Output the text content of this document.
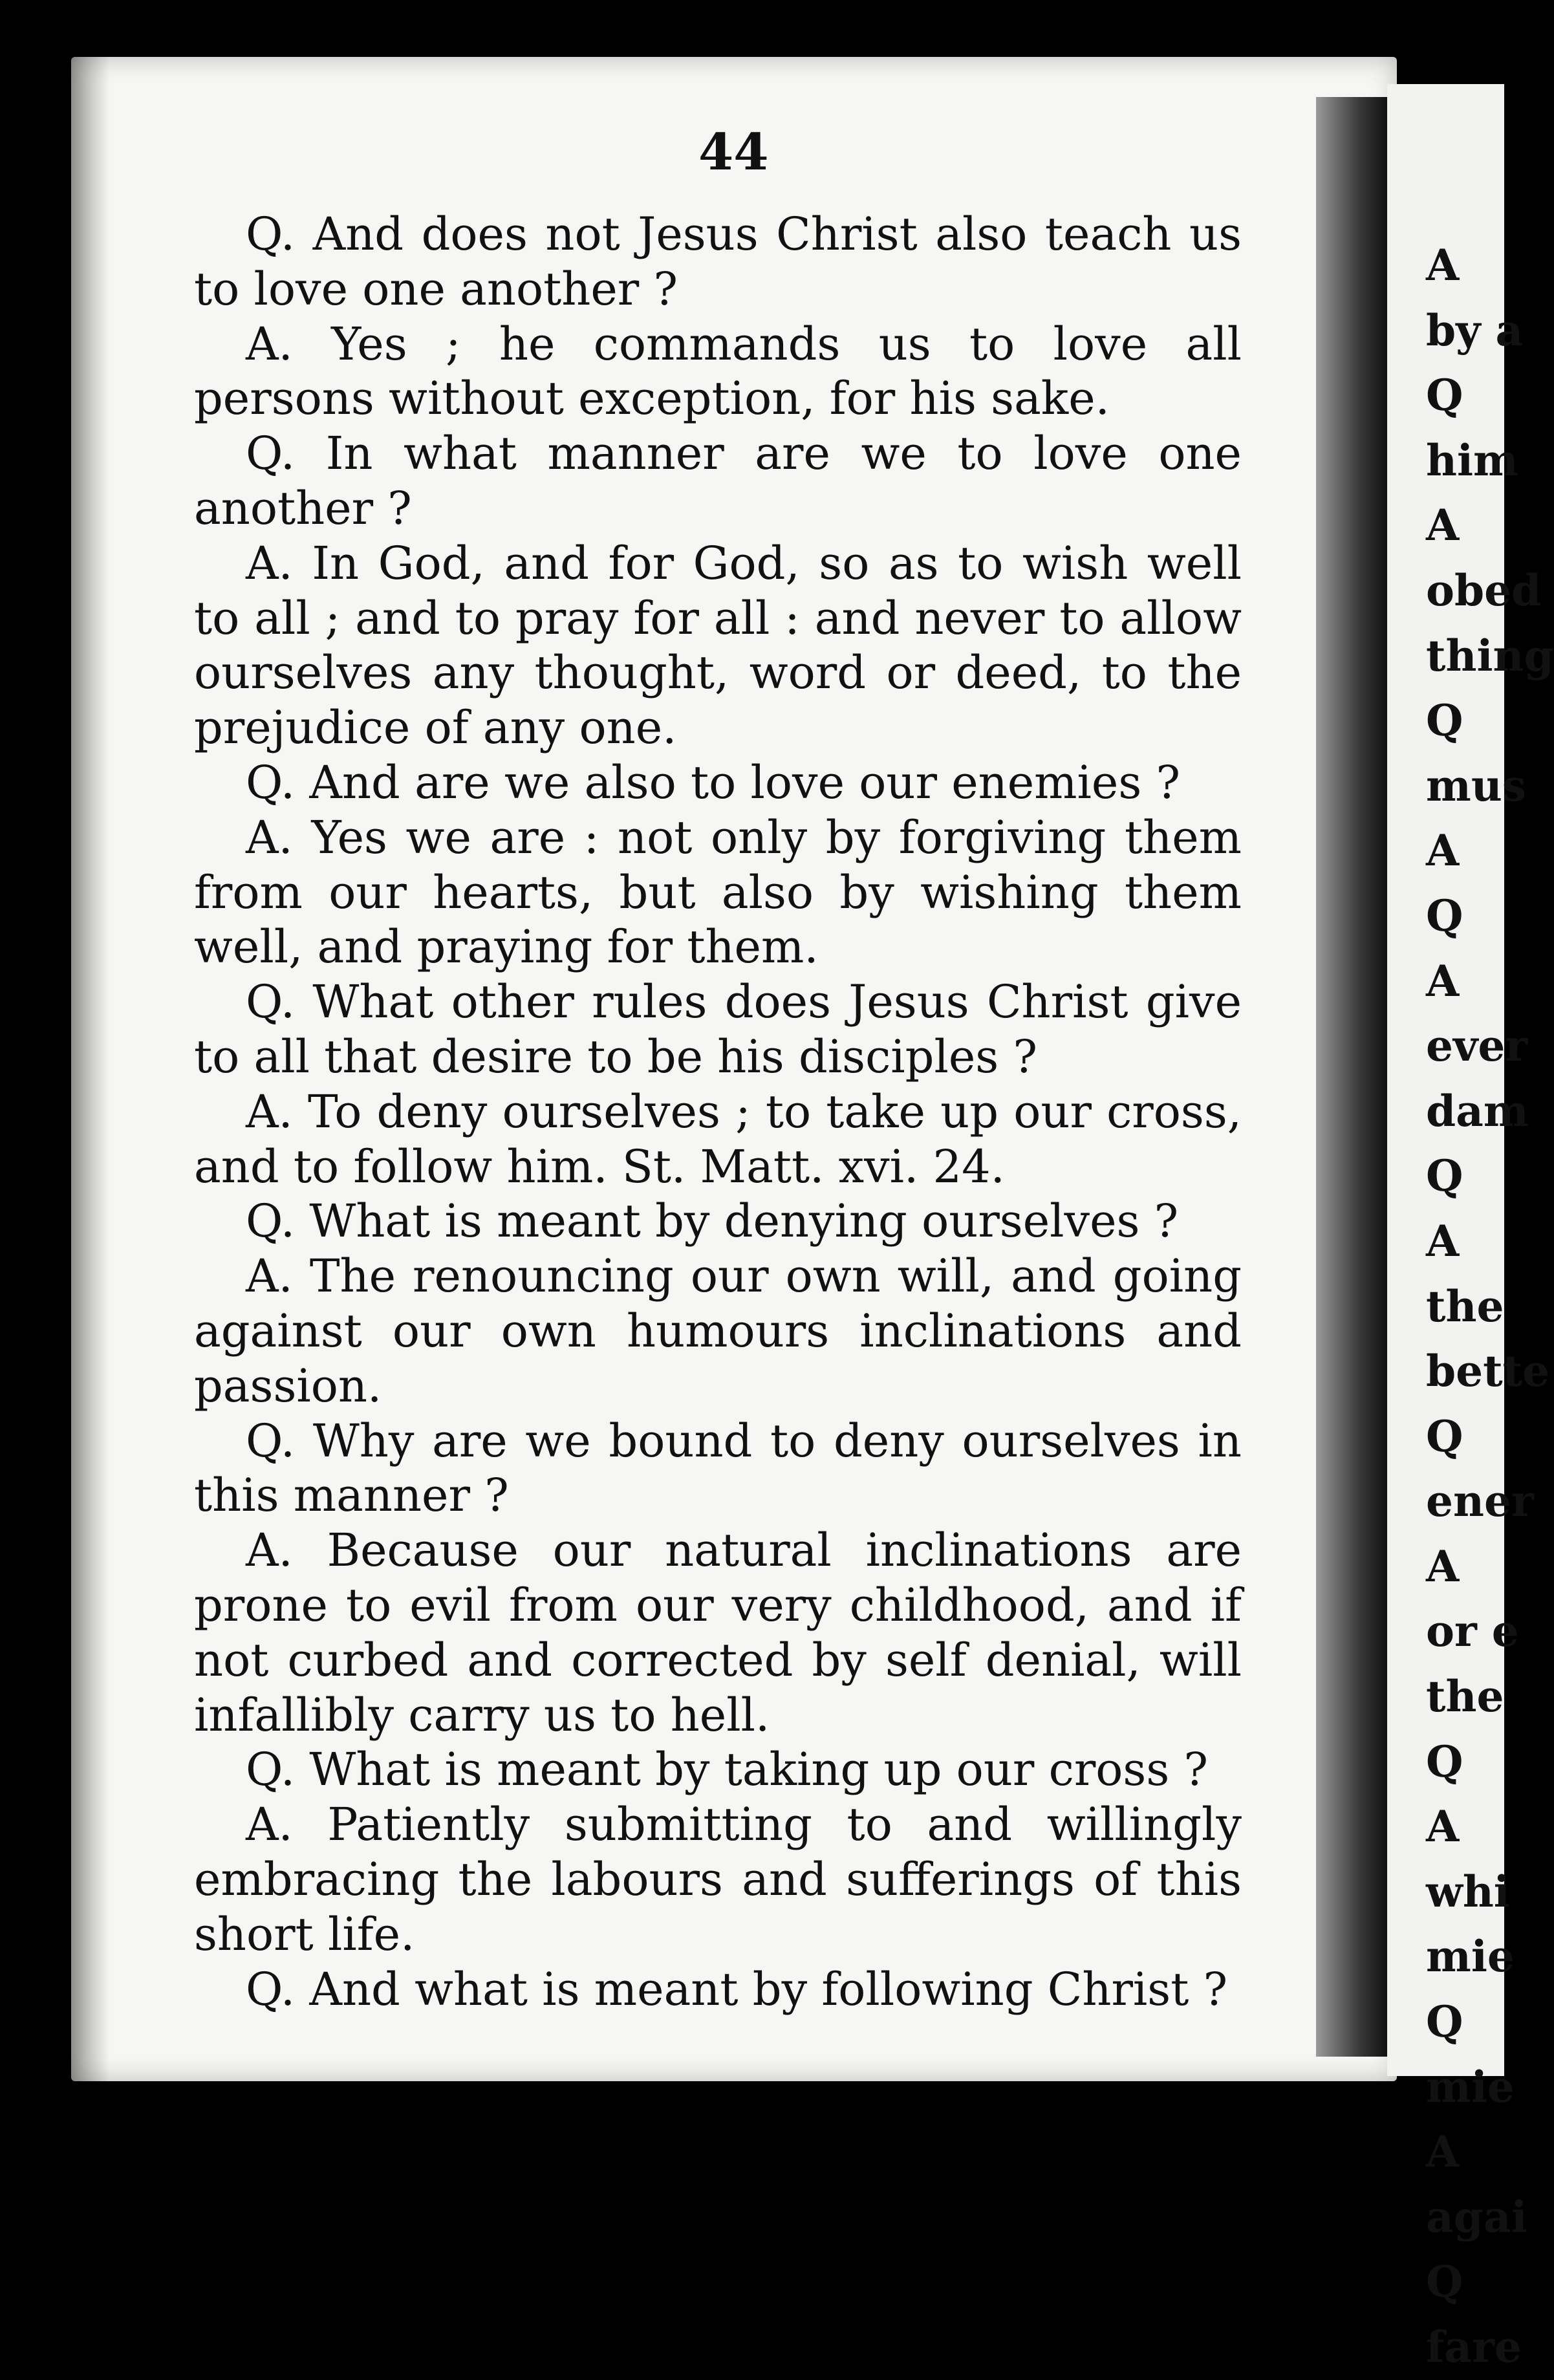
44

Q. And does not Jesus Christ also teach us to love one another ?

A. Yes ; he commands us to love all persons without exception, for his sake.

Q. In what manner are we to love one another ?

A. In God, and for God, so as to wish well to all ; and to pray for all : and never to allow ourselves any thought, word or deed, to the prejudice of any one.

Q. And are we also to love our enemies ?

A. Yes we are : not only by forgiving them from our hearts, but also by wishing them well, and praying for them.

Q. What other rules does Jesus Christ give to all that desire to be his disciples ?

A. To deny ourselves ; to take up our cross, and to follow him. St. Matt. xvi. 24.

Q. What is meant by denying ourselves ?

A. The renouncing our own will, and going against our own humours inclinations and passion.

Q. Why are we bound to deny ourselves in this manner ?

A. Because our natural inclinations are prone to evil from our very childhood, and if not curbed and corrected by self denial, will infallibly carry us to hell.

Q. What is meant by taking up our cross ?

A. Patiently submitting to and willingly embracing the labours and sufferings of this short life.

Q. And what is meant by following Christ ?

A
by a
Q
him
A
obed
thing
Q
mus
A
Q
A
ever
dam
Q
A
the
bette
Q
ener
A
or e
the
Q
A
whi
mie
Q
mie
A
agai
Q
fare
